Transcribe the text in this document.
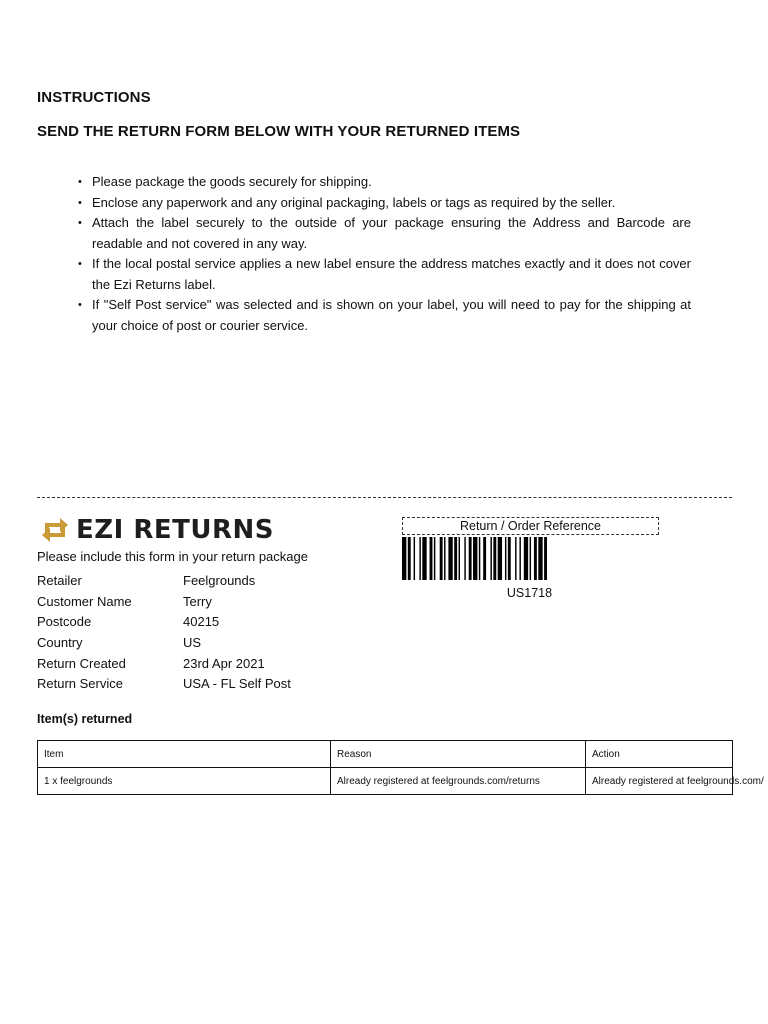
INSTRUCTIONS
SEND THE RETURN FORM BELOW WITH YOUR RETURNED ITEMS
• Please package the goods securely for shipping.
• Enclose any paperwork and any original packaging, labels or tags as required by the seller.
• Attach the label securely to the outside of your package ensuring the Address and Barcode are readable and not covered in any way.
• If the local postal service applies a new label ensure the address matches exactly and it does not cover the Ezi Returns label.
• If "Self Post service" was selected and is shown on your label, you will need to pay for the shipping at your choice of post or courier service.
EZI RETURNS
Please include this form in your return package
Retailer	Feelgrounds
Customer Name	Terry
Postcode	40215
Country	US
Return Created	23rd Apr 2021
Return Service	USA - FL Self Post
Return / Order Reference
US1718
Item(s) returned
Item	Reason	Action
1 x feelgrounds	Already registered at feelgrounds.com/returns	Already registered at feelgrounds.com/
